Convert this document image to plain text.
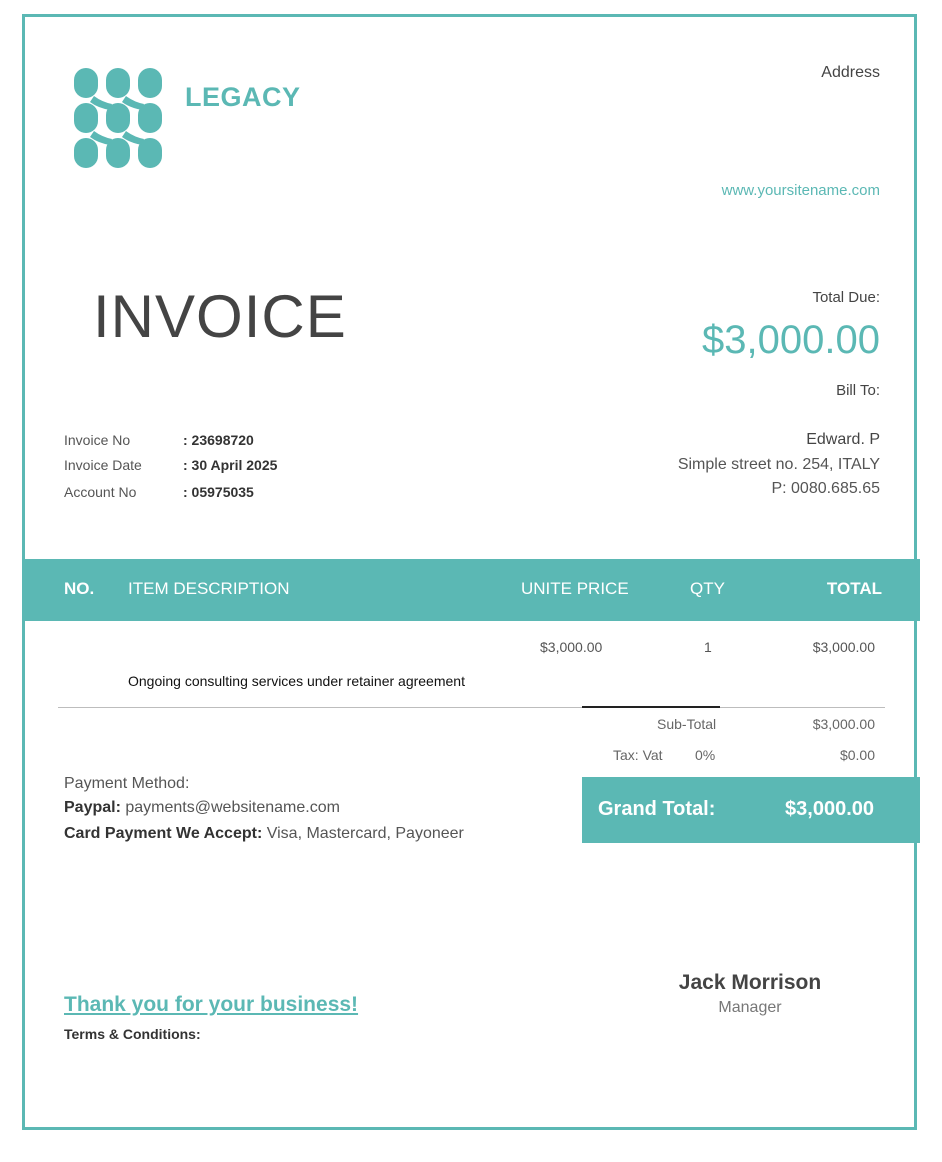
LEGACY
Address
www.yoursitename.com
INVOICE	Total Due:
$3,000.00
Bill To:
Invoice No	: 23698720
Invoice Date	: 30 April 2025
Account No	: 05975035
Edward. P
Simple street no. 254, ITALY
P: 0080.685.65
NO. ITEM DESCRIPTION	UNITE PRICE	QTY	TOTAL
$3,000.00	1	$3,000.00
Ongoing consulting services under retainer agreement
Sub-Total	$3,000.00
Tax: Vat 0%	$0.00
Grand Total:	$3,000.00
Payment Method:
Paypal: payments@websitename.com
Card Payment We Accept: Visa, Mastercard, Payoneer
Thank you for your business!
Terms & Conditions:
Jack Morrison
Manager
